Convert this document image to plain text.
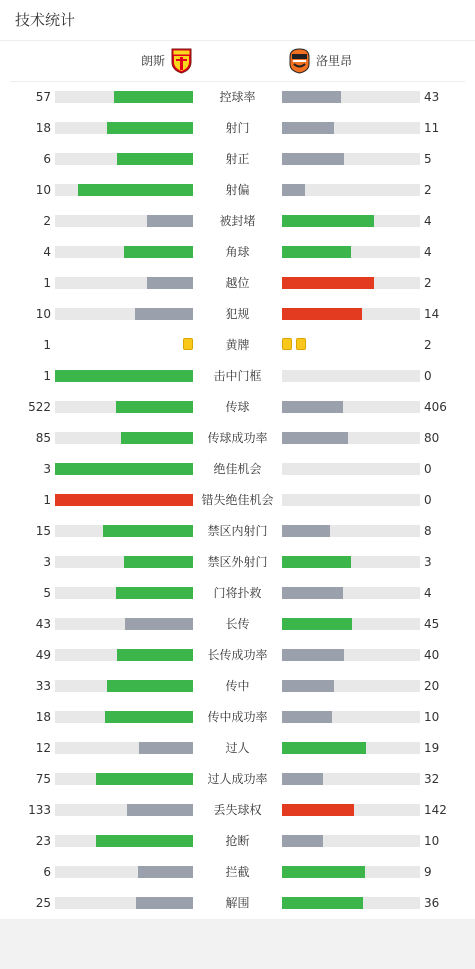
技术统计
朗斯	洛里昂
57	控球率	43
18	射门	11
6	射正	5
10	射偏	2
2	被封堵	4
4	角球	4
1	越位	2
10	犯规	14
1	黄牌	2
1	击中门框	0
522	传球	406
85	传球成功率	80
3	绝佳机会	0
1	错失绝佳机会	0
15	禁区内射门	8
3	禁区外射门	3
5	门将扑救	4
43	长传	45
49	长传成功率	40
33	传中	20
18	传中成功率	10
12	过人	19
75	过人成功率	32
133	丢失球权	142
23	抢断	10
6	拦截	9
25	解围	36
